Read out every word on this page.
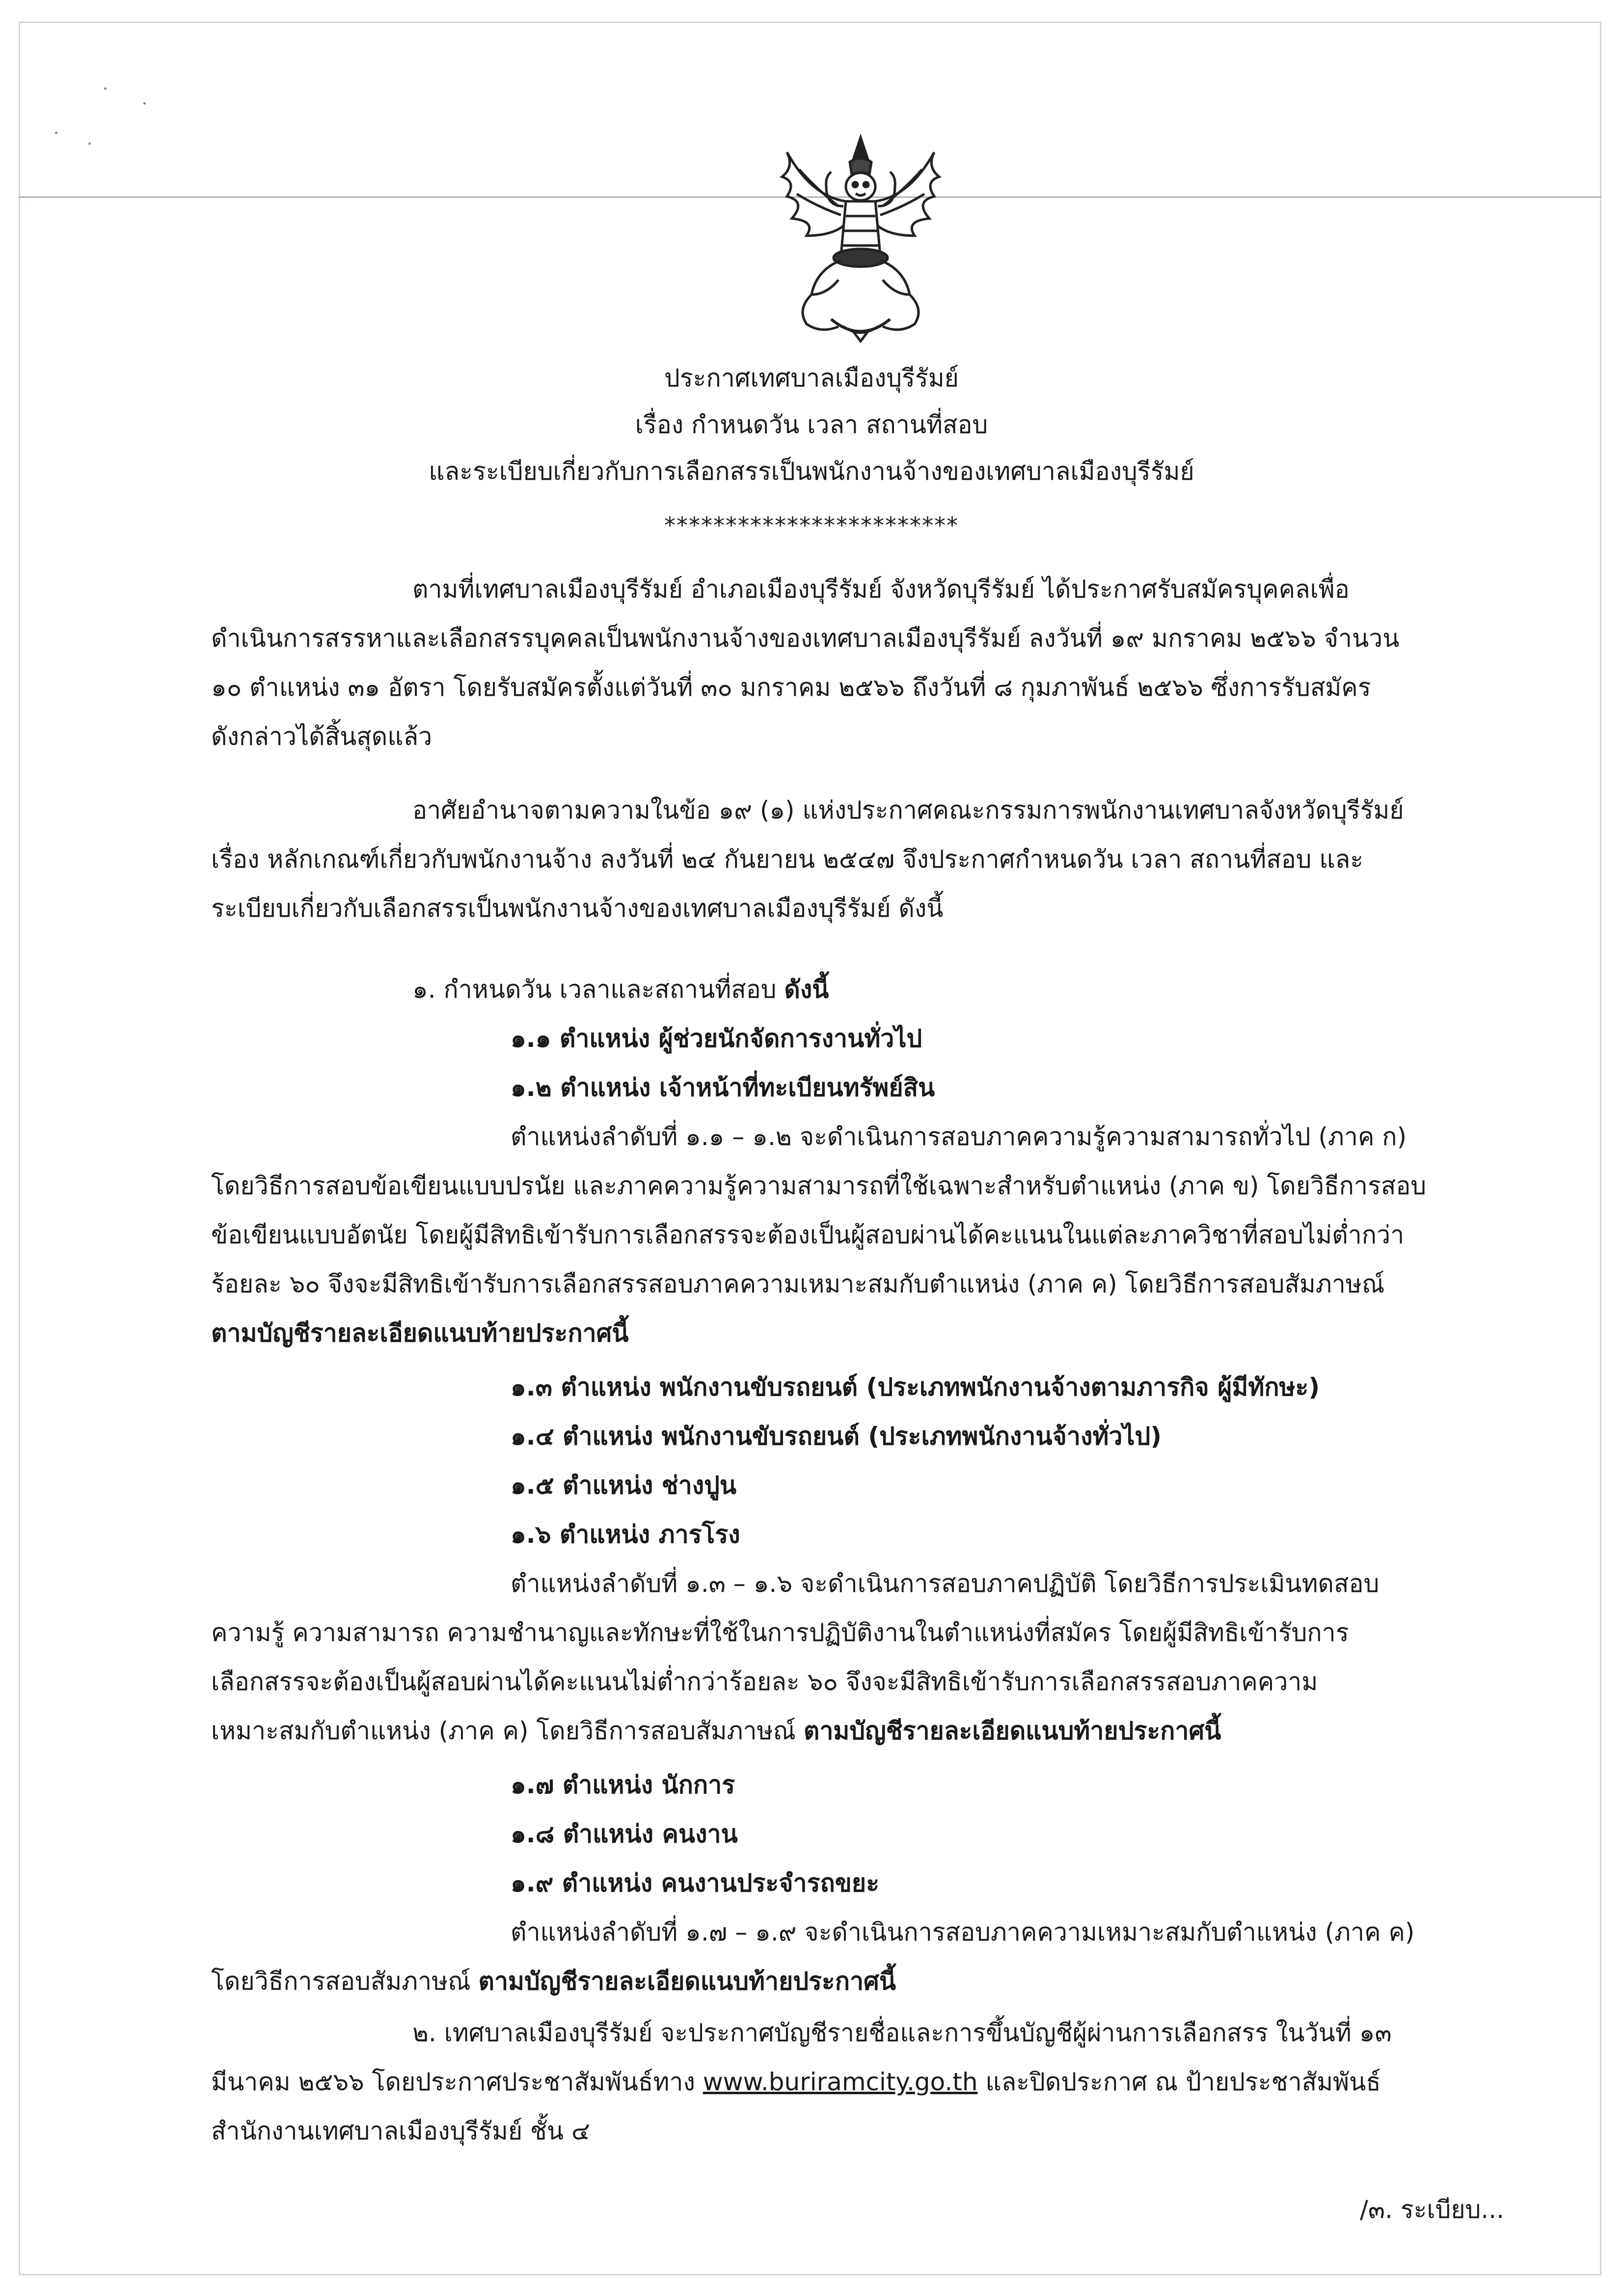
ประกาศเทศบาลเมืองบุรีรัมย์
เรื่อง กำหนดวัน เวลา สถานที่สอบ
และระเบียบเกี่ยวกับการเลือกสรรเป็นพนักงานจ้างของเทศบาลเมืองบุรีรัมย์
************************
ตามที่เทศบาลเมืองบุรีรัมย์ อำเภอเมืองบุรีรัมย์ จังหวัดบุรีรัมย์ ได้ประกาศรับสมัครบุคคลเพื่อ
ดำเนินการสรรหาและเลือกสรรบุคคลเป็นพนักงานจ้างของเทศบาลเมืองบุรีรัมย์ ลงวันที่ ๑๙ มกราคม ๒๕๖๖ จำนวน
๑๐ ตำแหน่ง ๓๑ อัตรา โดยรับสมัครตั้งแต่วันที่ ๓๐ มกราคม ๒๕๖๖ ถึงวันที่ ๘ กุมภาพันธ์ ๒๕๖๖ ซึ่งการรับสมัคร
ดังกล่าวได้สิ้นสุดแล้ว
อาศัยอำนาจตามความในข้อ ๑๙ (๑) แห่งประกาศคณะกรรมการพนักงานเทศบาลจังหวัดบุรีรัมย์
เรื่อง หลักเกณฑ์เกี่ยวกับพนักงานจ้าง ลงวันที่ ๒๔ กันยายน ๒๕๔๗ จึงประกาศกำหนดวัน เวลา สถานที่สอบ และ
ระเบียบเกี่ยวกับเลือกสรรเป็นพนักงานจ้างของเทศบาลเมืองบุรีรัมย์ ดังนี้
๑. กำหนดวัน เวลาและสถานที่สอบ ดังนี้
๑.๑ ตำแหน่ง ผู้ช่วยนักจัดการงานทั่วไป
๑.๒ ตำแหน่ง เจ้าหน้าที่ทะเบียนทรัพย์สิน
ตำแหน่งลำดับที่ ๑.๑ – ๑.๒ จะดำเนินการสอบภาคความรู้ความสามารถทั่วไป (ภาค ก)
โดยวิธีการสอบข้อเขียนแบบปรนัย และภาคความรู้ความสามารถที่ใช้เฉพาะสำหรับตำแหน่ง (ภาค ข) โดยวิธีการสอบ
ข้อเขียนแบบอัตนัย โดยผู้มีสิทธิเข้ารับการเลือกสรรจะต้องเป็นผู้สอบผ่านได้คะแนนในแต่ละภาควิชาที่สอบไม่ต่ำกว่า
ร้อยละ ๖๐ จึงจะมีสิทธิเข้ารับการเลือกสรรสอบภาคความเหมาะสมกับตำแหน่ง (ภาค ค) โดยวิธีการสอบสัมภาษณ์
ตามบัญชีรายละเอียดแนบท้ายประกาศนี้
๑.๓ ตำแหน่ง พนักงานขับรถยนต์ (ประเภทพนักงานจ้างตามภารกิจ ผู้มีทักษะ)
๑.๔ ตำแหน่ง พนักงานขับรถยนต์ (ประเภทพนักงานจ้างทั่วไป)
๑.๕ ตำแหน่ง ช่างปูน
๑.๖ ตำแหน่ง ภารโรง
ตำแหน่งลำดับที่ ๑.๓ – ๑.๖ จะดำเนินการสอบภาคปฏิบัติ โดยวิธีการประเมินทดสอบ
ความรู้ ความสามารถ ความชำนาญและทักษะที่ใช้ในการปฏิบัติงานในตำแหน่งที่สมัคร โดยผู้มีสิทธิเข้ารับการ
เลือกสรรจะต้องเป็นผู้สอบผ่านได้คะแนนไม่ต่ำกว่าร้อยละ ๖๐ จึงจะมีสิทธิเข้ารับการเลือกสรรสอบภาคความ
เหมาะสมกับตำแหน่ง (ภาค ค) โดยวิธีการสอบสัมภาษณ์ ตามบัญชีรายละเอียดแนบท้ายประกาศนี้
๑.๗ ตำแหน่ง นักการ
๑.๘ ตำแหน่ง คนงาน
๑.๙ ตำแหน่ง คนงานประจำรถขยะ
ตำแหน่งลำดับที่ ๑.๗ – ๑.๙ จะดำเนินการสอบภาคความเหมาะสมกับตำแหน่ง (ภาค ค)
โดยวิธีการสอบสัมภาษณ์ ตามบัญชีรายละเอียดแนบท้ายประกาศนี้
๒. เทศบาลเมืองบุรีรัมย์ จะประกาศบัญชีรายชื่อและการขึ้นบัญชีผู้ผ่านการเลือกสรร ในวันที่ ๑๓
มีนาคม ๒๕๖๖ โดยประกาศประชาสัมพันธ์ทาง www.buriramcity.go.th และปิดประกาศ ณ ป้ายประชาสัมพันธ์
สำนักงานเทศบาลเมืองบุรีรัมย์ ชั้น ๔
/๓. ระเบียบ...
